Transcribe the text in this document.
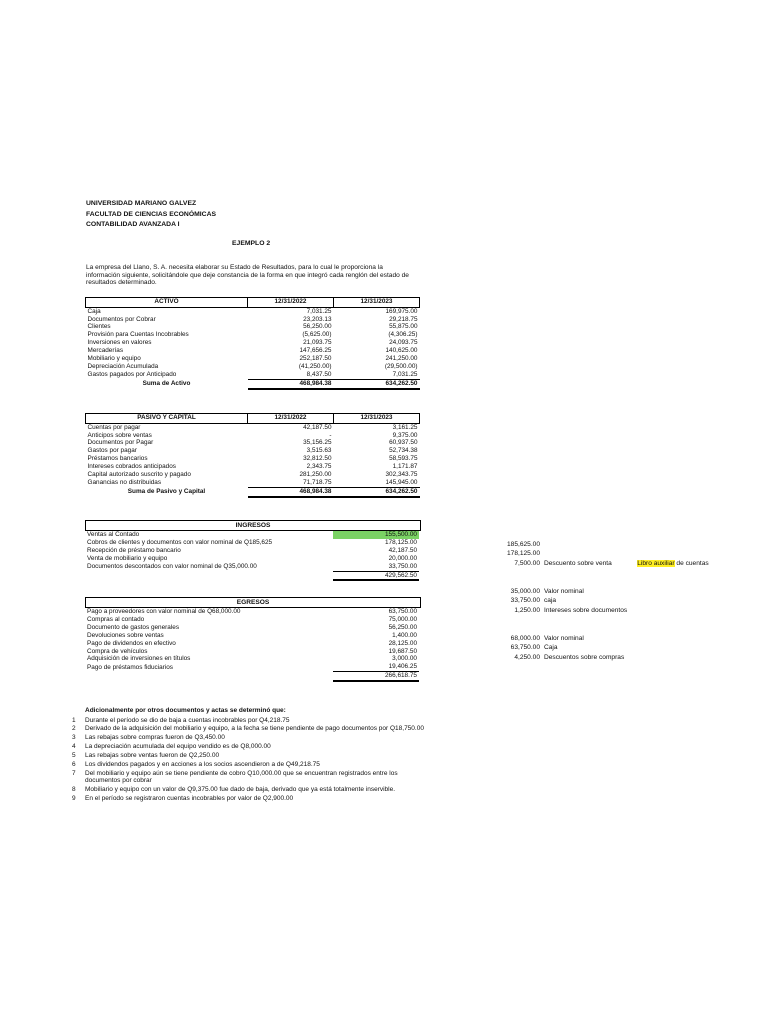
UNIVERSIDAD MARIANO GALVEZ
FACULTAD DE CIENCIAS ECONÓMICAS
CONTABILIDAD AVANZADA I
EJEMPLO 2
La empresa del Llano, S. A. necesita elaborar su Estado de Resultados, para lo cual le proporciona la información siguiente, solicitándole que deje constancia de la forma en que integró cada renglón del estado de resultados determinado.
ACTIVO	12/31/2022	12/31/2023
Caja	7,031.25	169,975.00
Documentos por Cobrar	23,203.13	29,218.75
Clientes	56,250.00	55,875.00
Provisión para Cuentas Incobrables	(5,625.00)	(4,306.25)
Inversiones en valores	21,093.75	24,093.75
Mercaderías	147,656.25	140,625.00
Mobiliario y equipo	252,187.50	241,250.00
Depreciación Acumulada	(41,250.00)	(29,500.00)
Gastos pagados por Anticipado	8,437.50	7,031.25
Suma de Activo	468,984.38	634,262.50
PASIVO Y CAPITAL	12/31/2022	12/31/2023
Cuentas por pagar	42,187.50	3,161.25
Anticipos sobre ventas	-	9,375.00
Documentos por Pagar	35,156.25	60,937.50
Gastos por pagar	3,515.63	52,734.38
Préstamos bancarios	32,812.50	58,593.75
Intereses cobrados anticipados	2,343.75	1,171.87
Capital autorizado suscrito y pagado	281,250.00	302,343.75
Ganancias no distribuidas	71,718.75	145,945.00
Suma de Pasivo y Capital	468,984.38	634,262.50
INGRESOS
Ventas al Contado	155,500.00
Cobros de clientes y documentos con valor nominal de Q185,625	178,125.00
Recepción de préstamo bancario	42,187.50
Venta de mobiliario y equipo	20,000.00
Documentos descontados con valor nominal de Q35,000.00	33,750.00
	429,562.50
EGRESOS
Pago a proveedores con valor nominal de Q68,000.00	63,750.00
Compras al contado	75,000.00
Documento de gastos generales	56,250.00
Devoluciones sobre ventas	1,400.00
Pago de dividendos en efectivo	28,125.00
Compra de vehículos	19,687.50
Adquisición de inversiones en títulos	3,000.00
Pago de préstamos fiduciarios	19,406.25
	266,618.75
185,625.00		
178,125.00		
7,500.00	Descuento sobre venta	Libro auxiliar de cuentas

35,000.00	Valor nominal	
33,750.00	caja	
1,250.00	Intereses sobre documentos	

68,000.00	Valor nominal	
63,750.00	Caja	
4,250.00	Descuentos sobre compras	
Adicionalmente por otros documentos y actas se determinó que:
1	Durante el período se dio de baja a cuentas incobrables por Q4,218.75
2	Derivado de la adquisición del mobiliario y equipo, a la fecha se tiene pendiente de pago documentos por Q18,750.00
3	Las rebajas sobre compras fueron de Q3,450.00
4	La depreciación acumulada del equipo vendido es de Q8,000.00
5	Las rebajas sobre ventas fueron de Q2,250.00
6	Los dividendos pagados y en acciones a los socios ascendieron a de Q49,218.75
7	Del mobiliario y equipo aún se tiene pendiente de cobro Q10,000.00 que se encuentran registrados entre los documentos por cobrar
8	Mobiliario y equipo con un valor de Q9,375.00 fue dado de baja, derivado que ya está totalmente inservible.
9	En el período se registraron cuentas incobrables por valor de Q2,900.00
